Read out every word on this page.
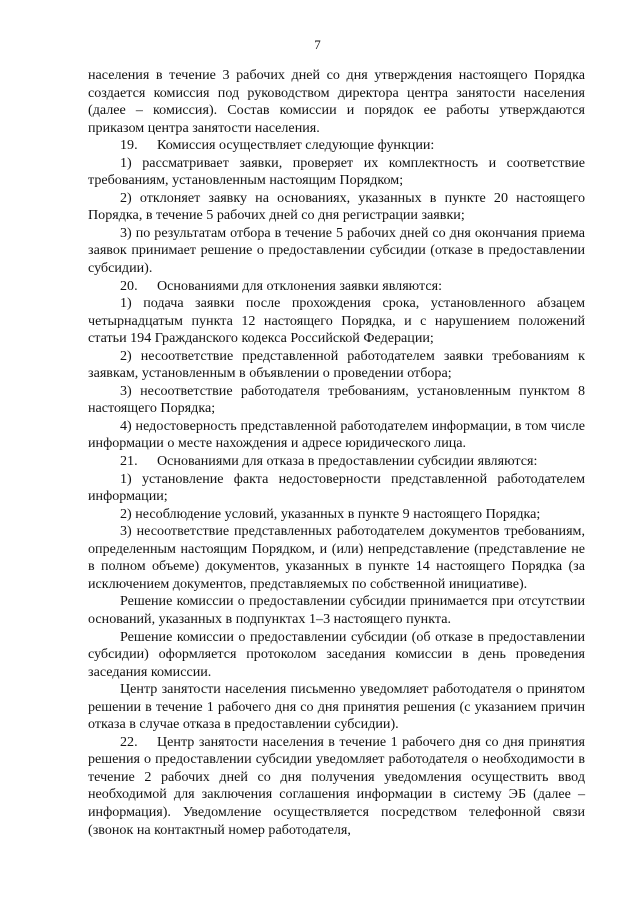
7

населения в течение 3 рабочих дней со дня утверждения настоящего Порядка создается комиссия под руководством директора центра занятости населения (далее – комиссия). Состав комиссии и порядок ее работы утверждаются приказом центра занятости населения.

19. Комиссия осуществляет следующие функции:

1) рассматривает заявки, проверяет их комплектность и соответствие требованиям, установленным настоящим Порядком;

2) отклоняет заявку на основаниях, указанных в пункте 20 настоящего Порядка, в течение 5 рабочих дней со дня регистрации заявки;

3) по результатам отбора в течение 5 рабочих дней со дня окончания приема заявок принимает решение о предоставлении субсидии (отказе в предоставлении субсидии).

20. Основаниями для отклонения заявки являются:

1) подача заявки после прохождения срока, установленного абзацем четырнадцатым пункта 12 настоящего Порядка, и с нарушением положений статьи 194 Гражданского кодекса Российской Федерации;

2) несоответствие представленной работодателем заявки требованиям к заявкам, установленным в объявлении о проведении отбора;

3) несоответствие работодателя требованиям, установленным пунктом 8 настоящего Порядка;

4) недостоверность представленной работодателем информации, в том числе информации о месте нахождения и адресе юридического лица.

21. Основаниями для отказа в предоставлении субсидии являются:

1) установление факта недостоверности представленной работодателем информации;

2) несоблюдение условий, указанных в пункте 9 настоящего Порядка;

3) несоответствие представленных работодателем документов требованиям, определенным настоящим Порядком, и (или) непредставление (представление не в полном объеме) документов, указанных в пункте 14 настоящего Порядка (за исключением документов, представляемых по собственной инициативе).

Решение комиссии о предоставлении субсидии принимается при отсутствии оснований, указанных в подпунктах 1–3 настоящего пункта.

Решение комиссии о предоставлении субсидии (об отказе в предоставлении субсидии) оформляется протоколом заседания комиссии в день проведения заседания комиссии.

Центр занятости населения письменно уведомляет работодателя о принятом решении в течение 1 рабочего дня со дня принятия решения (с указанием причин отказа в случае отказа в предоставлении субсидии).

22. Центр занятости населения в течение 1 рабочего дня со дня принятия решения о предоставлении субсидии уведомляет работодателя о необходимости в течение 2 рабочих дней со дня получения уведомления осуществить ввод необходимой для заключения соглашения информации в систему ЭБ (далее – информация). Уведомление осуществляется посредством телефонной связи (звонок на контактный номер работодателя,
